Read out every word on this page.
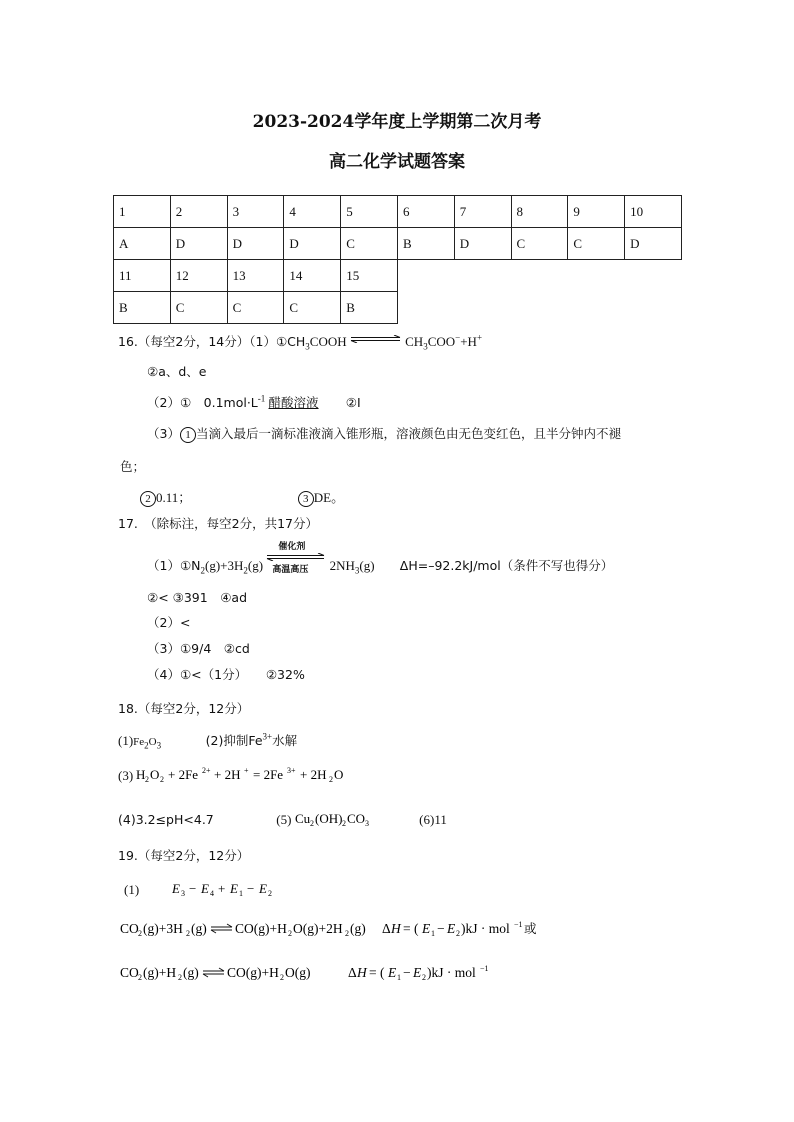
2023-2024学年度上学期第二次月考
高二化学试题答案
1	2	3	4	5	6	7	8	9	10
A	D	D	D	C	B	D	C	C	D
11	12	13	14	15
B	C	C	C	B
16.（每空2分，14分）$(1)①CH_3COOH$ ⇌ $CH_3COO^-+H^+$
②a、d、e
（2）①　$0.1mol\cdot L^{-1}$ 醋酸溶液 ②I
（3） 1 当滴入最后一滴标准液滴入锥形瓶，溶液颜色由无色变红色，且半分钟内不褪
色；
2 0.11；	3 DE。
17.　（除标注，每空2分，共17分）
$(1)①N_2(g)+3H_2(g)$
催化剂
高温高压 $2NH_3(g)$ ΔH=–92.2kJ/mol（条件不写也得分）
②< ③391　④ad
（2）<
（3）①9/4　②cd
（4）①<（1分）　　②32%
18.（每空2分，12分）
$(1)Fe_2O_3$	(2)抑制$Fe^{3+}$水解
(3) H 2 O 2 + 2Fe 2+ + 2H + = 2Fe 3+ + 2H 2 O
(4)3.2≤pH<4.7	(5) Cu 2 (OH) 2 CO 3	(6)11
19.（每空2分，12分）
(1)	E 3 − E 4 + E 1 − E 2
CO 2 (g)+3H 2 (g) CO(g)+H 2 O(g)+2H 2 (g) Δ H = ( E 1 − E 2 )kJ · mol −1 或
CO 2 (g)+H 2 (g) CO(g)+H 2 O(g)	Δ H = ( E 1 − E 2 )kJ · mol −1
